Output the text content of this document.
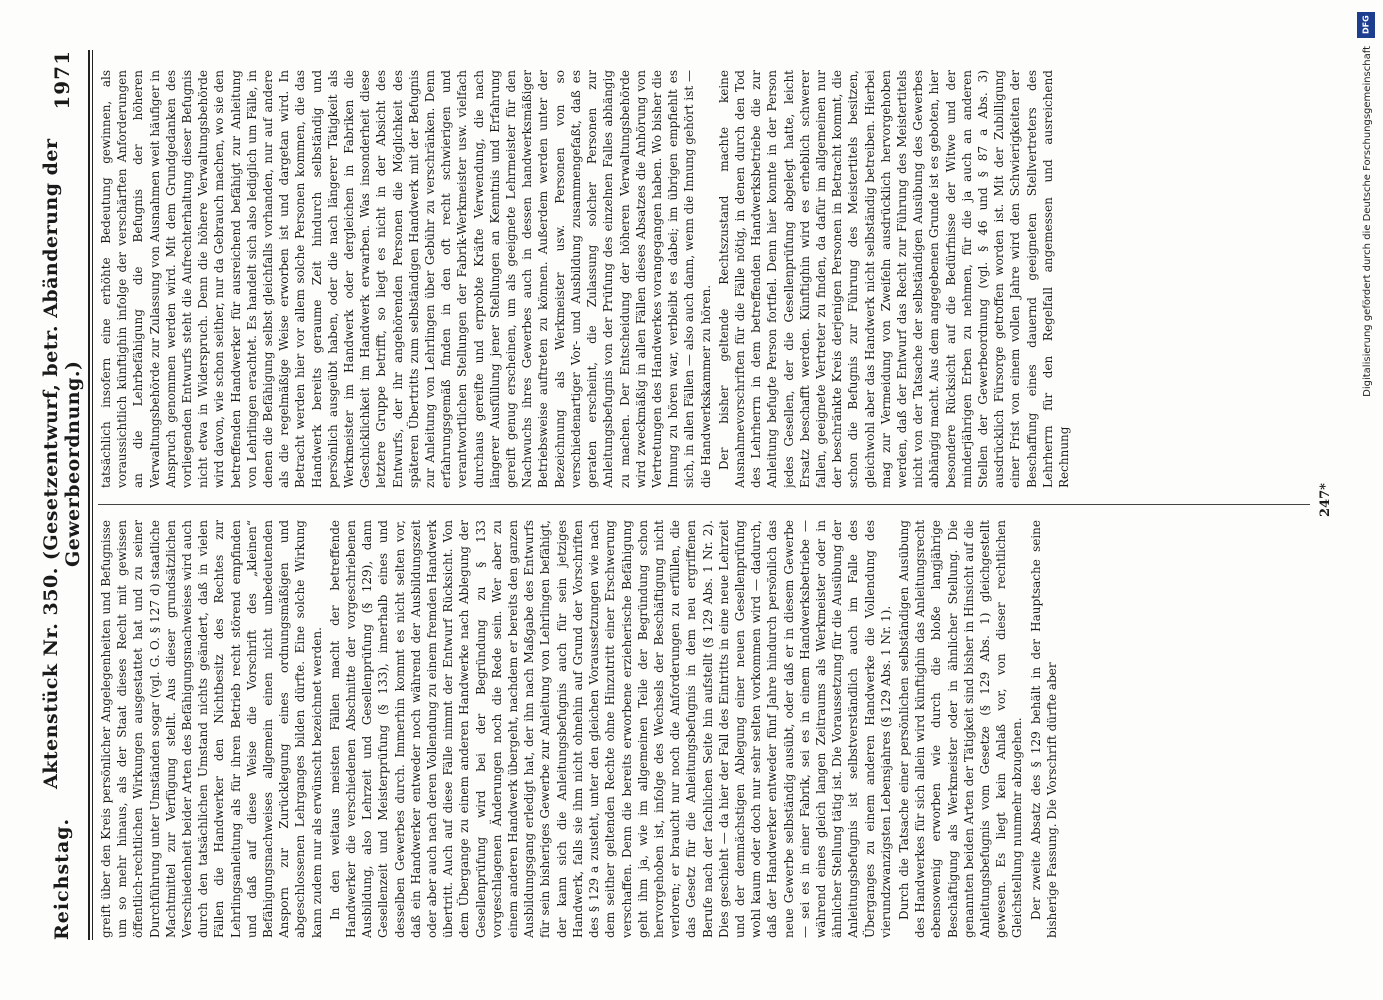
Reichstag.
Aktenstück Nr. 350. (Gesetzentwurf, betr. Abänderung der Gewerbeordnung.)
1971

greift über den Kreis persönlicher Angelegenheiten und Befugnisse um so mehr hinaus, als der Staat dieses Recht mit gewissen öffentlich-rechtlichen Wirkungen ausgestattet hat und zu seiner Durchführung unter Umständen sogar (vgl. G. O. § 127 d) staatliche Machtmittel zur Verfügung stellt. Aus dieser grundsätzlichen Verschiedenheit beider Arten des Befähigungsnachweises wird auch durch den tatsächlichen Umstand nichts geändert, daß in vielen Fällen die Handwerker den Nichtbesitz des Rechtes zur Lehrlingsanleitung als für ihren Betrieb recht störend empfinden und daß auf diese Weise die Vorschrift des „kleinen“ Befähigungsnachweises allgemein einen nicht unbedeutenden Ansporn zur Zurücklegung eines ordnungsmäßigen und abgeschlossenen Lehrganges bilden dürfte. Eine solche Wirkung kann zudem nur als erwünscht bezeichnet werden. In den weitaus meisten Fällen macht der betreffende Handwerker die verschiedenen Abschnitte der vorgeschriebenen Ausbildung, also Lehrzeit und Gesellenprüfung (§ 129), dann Gesellenzeit und Meisterprüfung (§ 133), innerhalb eines und desselben Gewerbes durch. Immerhin kommt es nicht selten vor, daß ein Handwerker entweder noch während der Ausbildungszeit oder aber auch nach deren Vollendung zu einem fremden Handwerk übertritt. Auch auf diese Fälle nimmt der Entwurf Rücksicht. Von dem Übergange zu einem anderen Handwerke nach Ablegung der Gesellenprüfung wird bei der Begründung zu § 133 vorgeschlagenen Änderungen noch die Rede sein. Wer aber zu einem anderen Handwerk übergeht, nachdem er bereits den ganzen Ausbildungsgang erledigt hat, der ihn nach Maßgabe des Entwurfs für sein bisheriges Gewerbe zur Anleitung von Lehrlingen befähigt, der kann sich die Anleitungsbefugnis auch für sein jetziges Handwerk, falls sie ihm nicht ohnehin auf Grund der Vorschriften des § 129 a zusteht, unter den gleichen Voraussetzungen wie nach dem seither geltenden Rechte ohne Hinzutritt einer Erschwerung verschaffen. Denn die bereits erworbene erzieherische Befähigung geht ihm ja, wie im allgemeinen Teile der Begründung schon hervorgehoben ist, infolge des Wechsels der Beschäftigung nicht verloren; er braucht nur noch die Anforderungen zu erfüllen, die das Gesetz für die Anleitungsbefugnis in dem neu ergriffenen Berufe nach der fachlichen Seite hin aufstellt (§ 129 Abs. 1 Nr. 2). Dies geschieht — da hier der Fall des Eintritts in eine neue Lehrzeit und der demnächstigen Ablegung einer neuen Gesellenprüfung wohl kaum oder doch nur sehr selten vorkommen wird — dadurch, daß der Handwerker entweder fünf Jahre hindurch persönlich das neue Gewerbe selbständig ausübt, oder daß er in diesem Gewerbe — sei es in einer Fabrik, sei es in einem Handwerksbetriebe — während eines gleich langen Zeitraums als Werkmeister oder in ähnlicher Stellung tätig ist. Die Voraussetzung für die Ausübung der Anleitungsbefugnis ist selbstverständlich auch im Falle des Überganges zu einem anderen Handwerke die Vollendung des vierundzwanzigsten Lebensjahres (§ 129 Abs. 1 Nr. 1). Durch die Tatsache einer persönlichen selbständigen Ausübung des Handwerkes für sich allein wird künftighin das Anleitungsrecht ebensowenig erworben wie durch die bloße langjährige Beschäftigung als Werkmeister oder in ähnlicher Stellung. Die genannten beiden Arten der Tätigkeit sind bisher in Hinsicht auf die Anleitungsbefugnis vom Gesetze (§ 129 Abs. 1) gleichgestellt gewesen. Es liegt kein Anlaß vor, von dieser rechtlichen Gleichstellung nunmehr abzugehen. Der zweite Absatz des § 129 behält in der Hauptsache seine bisherige Fassung. Die Vorschrift dürfte aber

tatsächlich insofern eine erhöhte Bedeutung gewinnen, als voraussichtlich künftighin infolge der verschärften Anforderungen an die Lehrbefähigung die Befugnis der höheren Verwaltungsbehörde zur Zulassung von Ausnahmen weit häufiger in Anspruch genommen werden wird. Mit dem Grundgedanken des vorliegenden Entwurfs steht die Aufrechterhaltung dieser Befugnis nicht etwa in Widerspruch. Denn die höhere Verwaltungsbehörde wird davon, wie schon seither, nur da Gebrauch machen, wo sie den betreffenden Handwerker für ausreichend befähigt zur Anleitung von Lehrlingen erachtet. Es handelt sich also lediglich um Fälle, in denen die Befähigung selbst gleichfalls vorhanden, nur auf andere als die regelmäßige Weise erworben ist und dargetan wird. In Betracht werden hier vor allem solche Personen kommen, die das Handwerk bereits geraume Zeit hindurch selbständig und persönlich ausgeübt haben, oder die nach längerer Tätigkeit als Werkmeister im Handwerk oder dergleichen in Fabriken die Geschicklichkeit im Handwerk erwarben. Was insonderheit diese letztere Gruppe betrifft, so liegt es nicht in der Absicht des Entwurfs, der ihr angehörenden Personen die Möglichkeit des späteren Übertritts zum selbständigen Handwerk mit der Befugnis zur Anleitung von Lehrlingen über Gebühr zu verschränken. Denn erfahrungsgemäß finden in den oft recht schwierigen und verantwortlichen Stellungen der Fabrik-Werkmeister usw. vielfach durchaus gereifte und erprobte Kräfte Verwendung, die nach längerer Ausfüllung jener Stellungen an Kenntnis und Erfahrung gereift genug erscheinen, um als geeignete Lehrmeister für den Nachwuchs ihres Gewerbes auch in dessen handwerksmäßiger Betriebsweise auftreten zu können. Außerdem werden unter der Bezeichnung als Werkmeister usw. Personen von so verschiedenartiger Vor- und Ausbildung zusammengefaßt, daß es geraten erscheint, die Zulassung solcher Personen zur Anleitungsbefugnis von der Prüfung des einzelnen Falles abhängig zu machen. Der Entscheidung der höheren Verwaltungsbehörde wird zweckmäßig in allen Fällen dieses Absatzes die Anhörung von Vertretungen des Handwerkes vorangegangen haben. Wo bisher die Innung zu hören war, verbleibt es dabei; im übrigen empfiehlt es sich, in allen Fällen — also auch dann, wenn die Innung gehört ist — die Handwerkskammer zu hören. Der bisher geltende Rechtszustand machte keine Ausnahmevorschriften für die Fälle nötig, in denen durch den Tod des Lehrherrn in dem betreffenden Handwerksbetriebe die zur Anleitung befugte Person fortfiel. Denn hier konnte in der Person jedes Gesellen, der die Gesellenprüfung abgelegt hatte, leicht Ersatz beschafft werden. Künftighin wird es erheblich schwerer fallen, geeignete Vertreter zu finden, da dafür im allgemeinen nur der beschränkte Kreis derjenigen Personen in Betracht kommt, die schon die Befugnis zur Führung des Meistertitels besitzen, gleichwohl aber das Handwerk nicht selbständig betreiben. Hierbei mag zur Vermeidung von Zweifeln ausdrücklich hervorgehoben werden, daß der Entwurf das Recht zur Führung des Meistertitels nicht von der Tatsache der selbständigen Ausübung des Gewerbes abhängig macht. Aus dem angegebenen Grunde ist es geboten, hier besondere Rücksicht auf die Bedürfnisse der Witwe und der minderjährigen Erben zu nehmen, für die ja auch an anderen Stellen der Gewerbeordnung (vgl. § 46 und § 87 a Abs. 3) ausdrücklich Fürsorge getroffen worden ist. Mit der Zubilligung einer Frist von einem vollen Jahre wird den Schwierigkeiten der Beschaffung eines dauernd geeigneten Stellvertreters des Lehrherrn für den Regelfall angemessen und ausreichend Rechnung

247*
DFG
Digitalisierung gefördert durch die Deutsche Forschungsgemeinschaft
